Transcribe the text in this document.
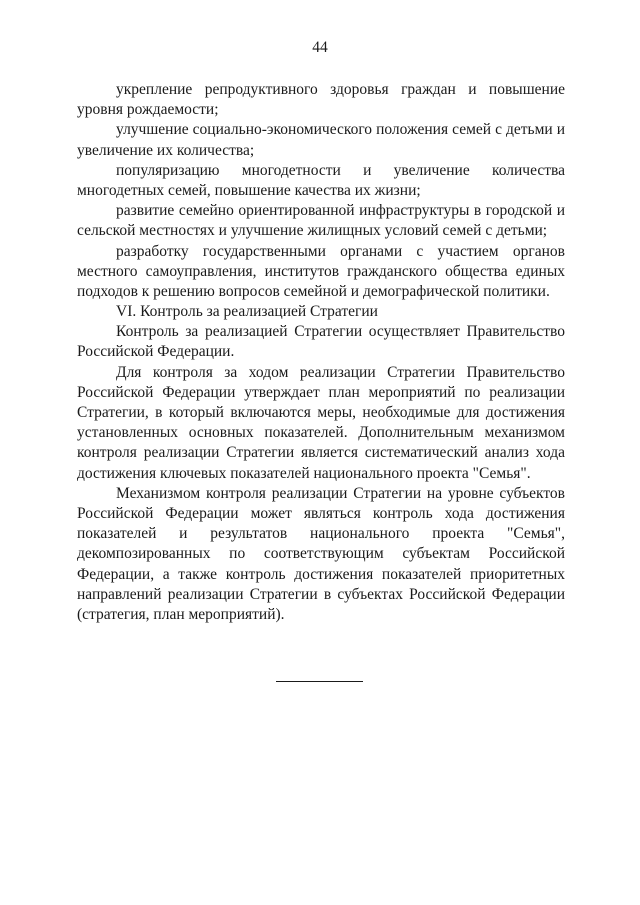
44

укрепление репродуктивного здоровья граждан и повышение уровня рождаемости;

улучшение социально-экономического положения семей с детьми и увеличение их количества;

популяризацию многодетности и увеличение количества многодетных семей, повышение качества их жизни;

развитие семейно ориентированной инфраструктуры в городской и сельской местностях и улучшение жилищных условий семей с детьми;

разработку государственными органами с участием органов местного самоуправления, институтов гражданского общества единых подходов к решению вопросов семейной и демографической политики.

VI. Контроль за реализацией Стратегии

Контроль за реализацией Стратегии осуществляет Правительство Российской Федерации.

Для контроля за ходом реализации Стратегии Правительство Российской Федерации утверждает план мероприятий по реализации Стратегии, в который включаются меры, необходимые для достижения установленных основных показателей. Дополнительным механизмом контроля реализации Стратегии является систематический анализ хода достижения ключевых показателей национального проекта "Семья".

Механизмом контроля реализации Стратегии на уровне субъектов Российской Федерации может являться контроль хода достижения показателей и результатов национального проекта "Семья", декомпозированных по соответствующим субъектам Российской Федерации, а также контроль достижения показателей приоритетных направлений реализации Стратегии в субъектах Российской Федерации (стратегия, план мероприятий).
